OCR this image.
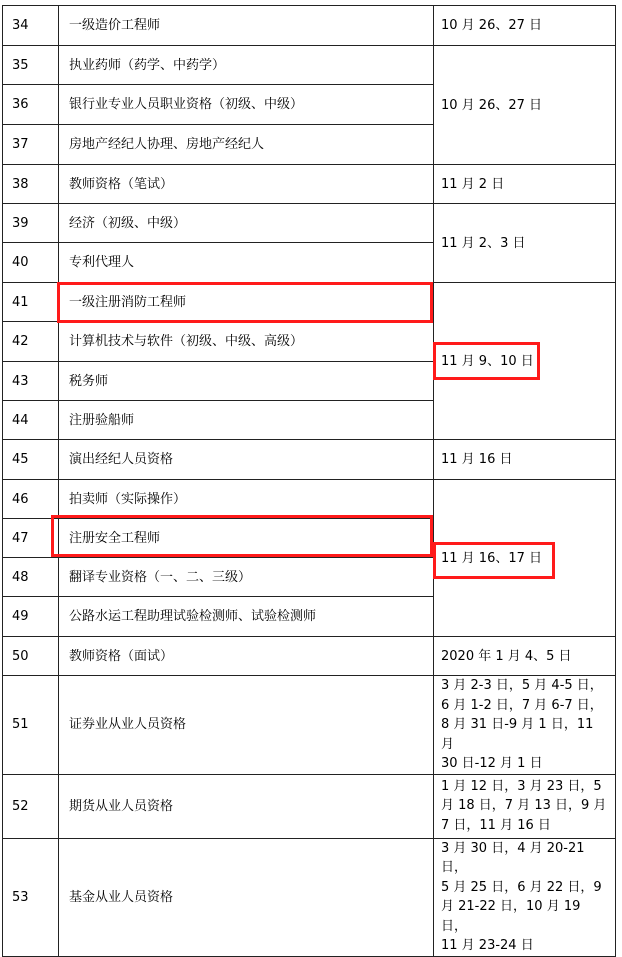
34	一级造价工程师	10 月 26、27 日
35	执业药师（药学、中药学）	10 月 26、27 日
36	银行业专业人员职业资格（初级、中级）	
37	房地产经纪人协理、房地产经纪人	
38	教师资格（笔试）	11 月 2 日
39	经济（初级、中级）	11 月 2、3 日
40	专利代理人	
41	一级注册消防工程师	11 月 9、10 日
42	计算机技术与软件（初级、中级、高级）	
43	税务师	
44	注册验船师	
45	演出经纪人员资格	11 月 16 日
46	拍卖师（实际操作）	11 月 16、17 日
47	注册安全工程师	
48	翻译专业资格（一、二、三级）	
49	公路水运工程助理试验检测师、试验检测师	
50	教师资格（面试）	2020 年 1 月 4、5 日
51	证券业从业人员资格	3 月 2-3 日，5 月 4-5 日，
6 月 1-2 日，7 月 6-7 日，
8 月 31 日-9 月 1 日，11 月
30 日-12 月 1 日

52	期货从业人员资格	1 月 12 日，3 月 23 日，5
月 18 日，7 月 13 日，9 月
7 日，11 月 16 日

53	基金从业人员资格	3 月 30 日，4 月 20-21 日，
5 月 25 日，6 月 22 日，9
月 21-22 日，10 月 19 日，
11 月 23-24 日
